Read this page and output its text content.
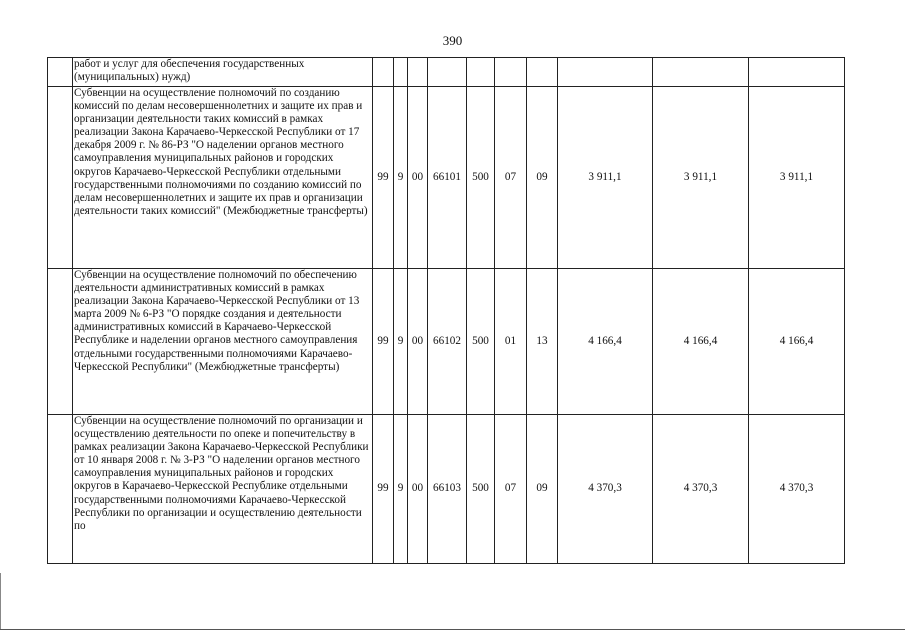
390
	работ и услуг для обеспечения государственных (муниципальных) нужд)										
	Субвенции на осуществление полномочий по созданию комиссий по делам несовершеннолетних и защите их прав и организации деятельности таких комиссий в рамках реализации Закона Карачаево-Черкесской Республики от 17 декабря 2009 г. № 86-РЗ "О наделении органов местного самоуправления муниципальных районов и городских округов Карачаево-Черкесской Республики отдельными государственными полномочиями по созданию комиссий по делам несовершеннолетних и защите их прав и организации деятельности таких комиссий" (Межбюджетные трансферты)	99	9	00	66101	500	07	09	3 911,1	3 911,1	3 911,1
	Субвенции на осуществление полномочий по обеспечению деятельности административных комиссий в рамках реализации Закона Карачаево-Черкесской Республики от 13 марта 2009 № 6-РЗ "О порядке создания и деятельности административных комиссий в Карачаево-Черкесской Республике и наделении органов местного самоуправления отдельными государственными полномочиями Карачаево-Черкесской Республики" (Межбюджетные трансферты)	99	9	00	66102	500	01	13	4 166,4	4 166,4	4 166,4
	Субвенции на осуществление полномочий по организации и осуществлению деятельности по опеке и попечительству в рамках реализации Закона Карачаево-Черкесской Республики от 10 января 2008 г. № 3-РЗ "О наделении органов местного самоуправления муниципальных районов и городских округов в Карачаево-Черкесской Республике отдельными государственными полномочиями Карачаево-Черкесской Республики по организации и осуществлению деятельности по	99	9	00	66103	500	07	09	4 370,3	4 370,3	4 370,3
